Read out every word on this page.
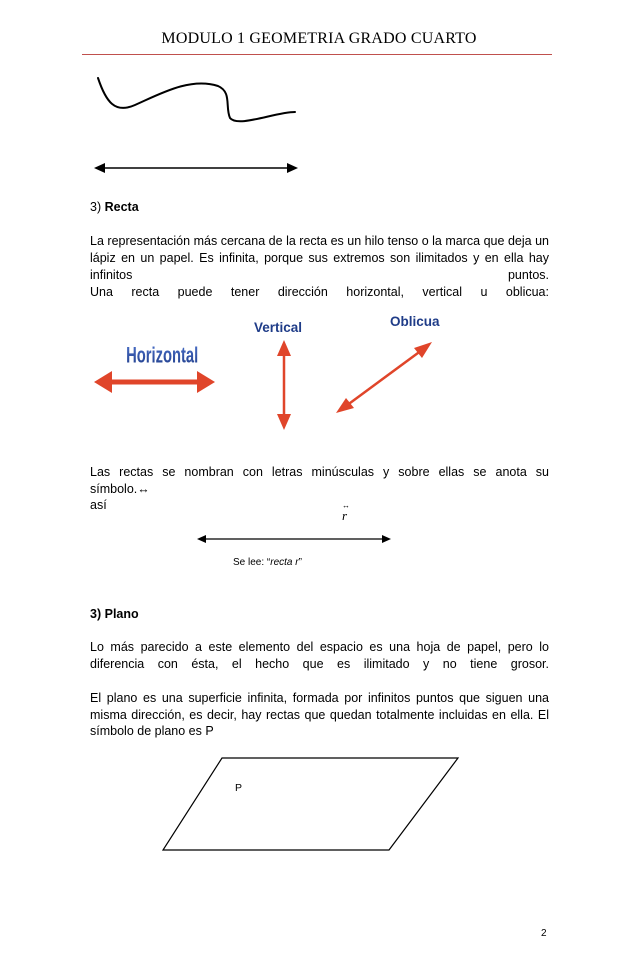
MODULO 1 GEOMETRIA GRADO CUARTO
3) Recta
La representación más cercana de la recta es un hilo tenso o la marca que deja un
lápiz en un papel. Es infinita, porque sus extremos son ilimitados y en ella hay
infinitos	puntos.
Una recta puede tener dirección horizontal, vertical u oblicua:
Horizontal
Vertical	Oblicua
Las rectas se nombran con letras minúsculas y sobre ellas se anota su
símbolo.↔
así	↔
r
Se lee: “recta r”
3) Plano
Lo más parecido a este elemento del espacio es una hoja de papel, pero lo
diferencia con ésta, el hecho que es ilimitado y no tiene grosor.
El plano es una superficie infinita, formada por infinitos puntos que siguen una
misma dirección, es decir, hay rectas que quedan totalmente incluidas en ella. El
símbolo de plano es P
P
2
